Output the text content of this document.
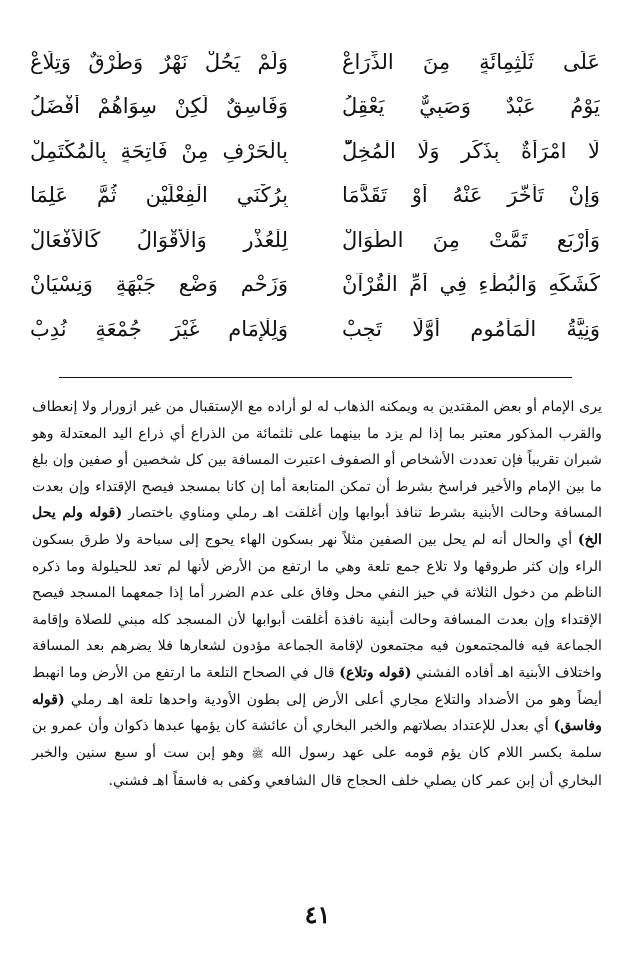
عَلَى ثَلَثِمِائَةٍ مِنَ الذِّرَاعْ
وَلَمْ يَحُلْ نَهْرٌ وَطُرْقٌ وَتِلَاعْ
يَوْمُ عَبْدٌ وَصَبِيٌّ يَعْقِلُ
وَفَاسِقٌ لَكِنْ سِوَاهُمْ أَفْضَلُ
لَا امْرَأَةٌ بِذَكَرٍ وَلَا الْمُخِلّْ
بِالْحَرْفِ مِنْ فَاتِحَةٍ بِالْمُكْتَمِلْ
وَإِنْ تَأَخَّرَ عَنْهُ أَوْ تَقَدَّمَا
بِرُكْنَيِ الْفِعْلَيْنِ ثُمَّ عَلِمَا
وَأَرْبَعٍ تَمَّتْ مِنَ الطُّوَالْ
لِلْعُذْرِ وَالْأَقْوَالُ كَالْأَفْعَالْ
كَشَكِّهِ وَالْبُطْءِ فِي أُمِّ الْقُرْآنْ
وَزَحْمٍ وَضْعٍ جَبْهَةٍ وَنِسْيَانْ
وَنِيَّةُ الْمَأْمُومِ أَوَّلًا تَجِبْ
وَلِلْإِمَامِ غَيْرَ جُمْعَةٍ نُدِبْ
يرى الإمام أو بعض المقتدين به ويمكنه الذهاب له لو أراده مع الإستقبال من غير ازورار ولا إنعطاف والقرب المذكور معتبر بما إذا لم يزد ما بينهما على ثلثمائة من الذراع أي ذراع اليد المعتدلة وهو شبران تقريباً فإن تعددت الأشخاص أو الصفوف اعتبرت المسافة بين كل شخصين أو صفين وإن بلغ ما بين الإمام والأخير فراسخ بشرط أن تمكن المتابعة أما إن كانا بمسجد فيصح الإقتداء وإن بعدت المسافة وحالت الأبنية بشرط تنافذ أبوابها وإن أغلقت اهـ رملي ومناوي باختصار (قوله ولم يحل الخ) أي والحال أنه لم يحل بين الصفين مثلاً نهر بسكون الهاء يحوج إلى سباحة ولا طرق بسكون الراء وإن كثر طروقها ولا تلاع جمع تلعة وهي ما ارتفع من الأرض لأنها لم تعد للحيلولة وما ذكره الناظم من دخول الثلاثة في حيز النفي محل وفاق على عدم الضرر أما إذا جمعهما المسجد فيصح الإقتداء وإن بعدت المسافة وحالت أبنية نافذة أغلقت أبوابها لأن المسجد كله مبني للصلاة وإقامة الجماعة فيه فالمجتمعون فيه مجتمعون لإقامة الجماعة مؤدون لشعارها فلا يضرهم بعد المسافة واختلاف الأبنية اهـ أفاده الفشني (قوله وتلاع) قال في الصحاح التلعة ما ارتفع من الأرض وما انهبط أيضاً وهو من الأضداد والتلاع مجاري أعلى الأرض إلى بطون الأودية واحدها تلعة اهـ رملي (قوله وفاسق) أي بعدل للإعتداد بصلاتهم والخبر البخاري أن عائشة كان يؤمها عبدها ذكوان وأن عمرو بن سلمة بكسر اللام كان يؤم قومه على عهد رسول الله ﷺ وهو إبن ست أو سبع سنين والخبر البخاري أن إبن عمر كان يصلي خلف الحجاج قال الشافعي وكفى به فاسقاً اهـ فشني.
٤١
